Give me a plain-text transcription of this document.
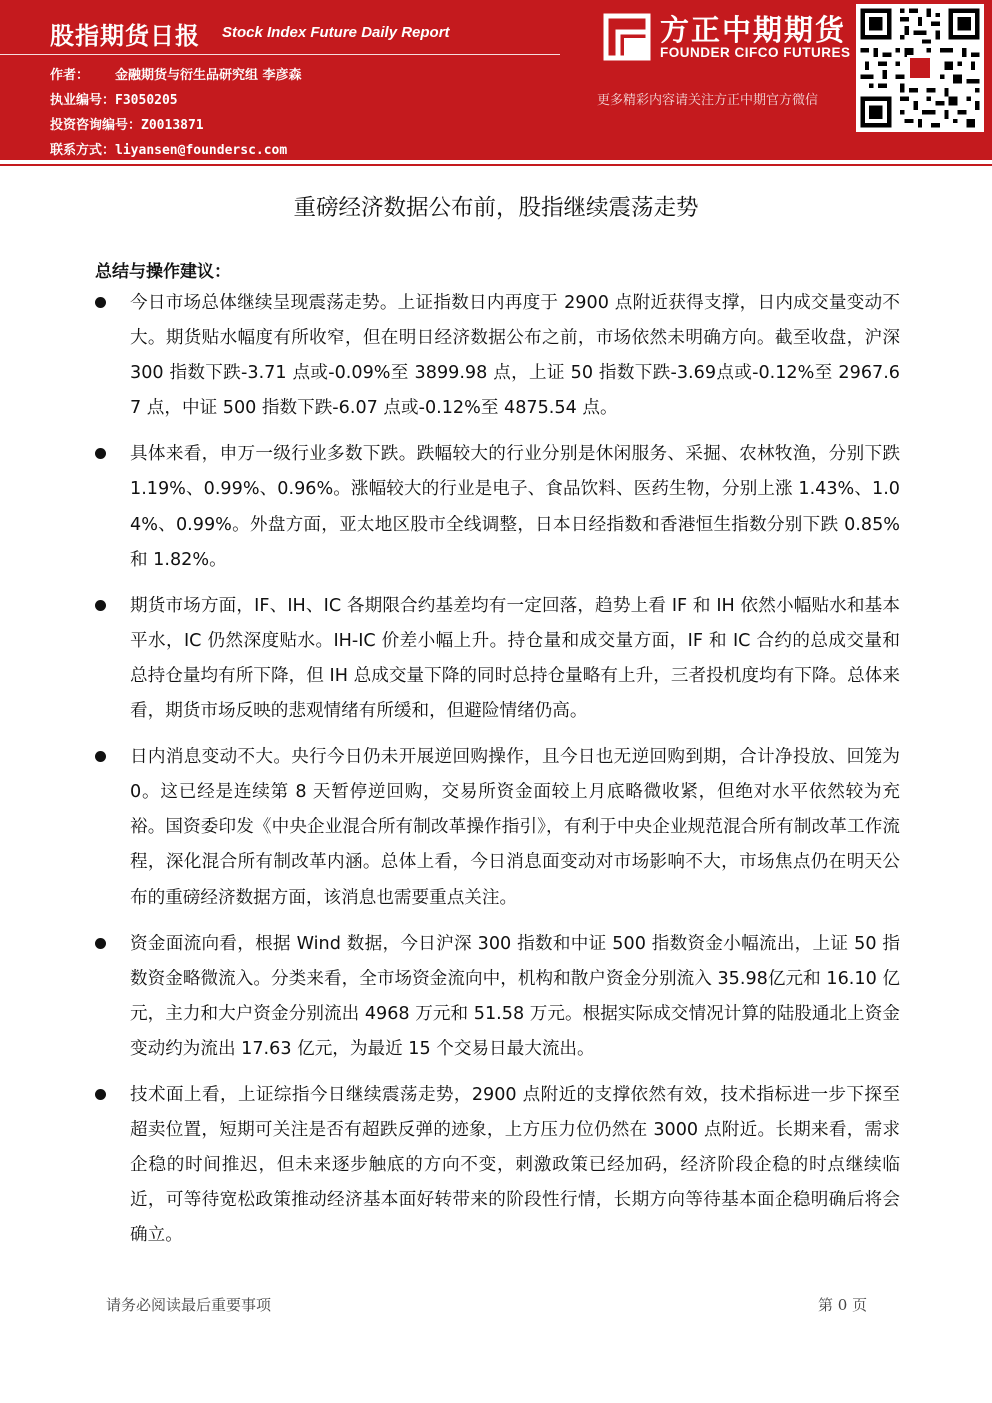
股指期货日报 Stock Index Future Daily Report
作者： 金融期货与衍生品研究组 李彦森
执业编号：F3050205
投资咨询编号：Z0013871
联系方式：liyansen@foundersc.com
方正中期期货
FOUNDER CIFCO FUTURES
更多精彩内容请关注方正中期官方微信
重磅经济数据公布前，股指继续震荡走势
总结与操作建议：
今日市场总体继续呈现震荡走势。上证指数日内再度于 2900 点附近获得支撑，日内成交量变动不大。期货贴水幅度有所收窄，但在明日经济数据公布之前，市场依然未明确方向。截至收盘，沪深 300 指数下跌-3.71 点或-0.09%至 3899.98 点，上证 50 指数下跌-3.69点或-0.12%至 2967.67 点，中证 500 指数下跌-6.07 点或-0.12%至 4875.54 点。
具体来看，申万一级行业多数下跌。跌幅较大的行业分别是休闲服务、采掘、农林牧渔，分别下跌 1.19%、0.99%、0.96%。涨幅较大的行业是电子、食品饮料、医药生物，分别上涨 1.43%、1.04%、0.99%。外盘方面，亚太地区股市全线调整，日本日经指数和香港恒生指数分别下跌 0.85%和 1.82%。
期货市场方面，IF、IH、IC 各期限合约基差均有一定回落，趋势上看 IF 和 IH 依然小幅贴水和基本平水，IC 仍然深度贴水。IH-IC 价差小幅上升。持仓量和成交量方面，IF 和 IC 合约的总成交量和总持仓量均有所下降，但 IH 总成交量下降的同时总持仓量略有上升，三者投机度均有下降。总体来看，期货市场反映的悲观情绪有所缓和，但避险情绪仍高。
日内消息变动不大。央行今日仍未开展逆回购操作，且今日也无逆回购到期，合计净投放、回笼为 0。这已经是连续第 8 天暂停逆回购，交易所资金面较上月底略微收紧，但绝对水平依然较为充裕。国资委印发《中央企业混合所有制改革操作指引》，有利于中央企业规范混合所有制改革工作流程，深化混合所有制改革内涵。总体上看，今日消息面变动对市场影响不大，市场焦点仍在明天公布的重磅经济数据方面，该消息也需要重点关注。
资金面流向看，根据 Wind 数据，今日沪深 300 指数和中证 500 指数资金小幅流出，上证 50 指数资金略微流入。分类来看，全市场资金流向中，机构和散户资金分别流入 35.98亿元和 16.10 亿元，主力和大户资金分别流出 4968 万元和 51.58 万元。根据实际成交情况计算的陆股通北上资金变动约为流出 17.63 亿元，为最近 15 个交易日最大流出。
技术面上看，上证综指今日继续震荡走势，2900 点附近的支撑依然有效，技术指标进一步下探至超卖位置，短期可关注是否有超跌反弹的迹象，上方压力位仍然在 3000 点附近。长期来看，需求企稳的时间推迟，但未来逐步触底的方向不变，刺激政策已经加码，经济阶段企稳的时点继续临近，可等待宽松政策推动经济基本面好转带来的阶段性行情，长期方向等待基本面企稳明确后将会确立。
请务必阅读最后重要事项	第 0 页
